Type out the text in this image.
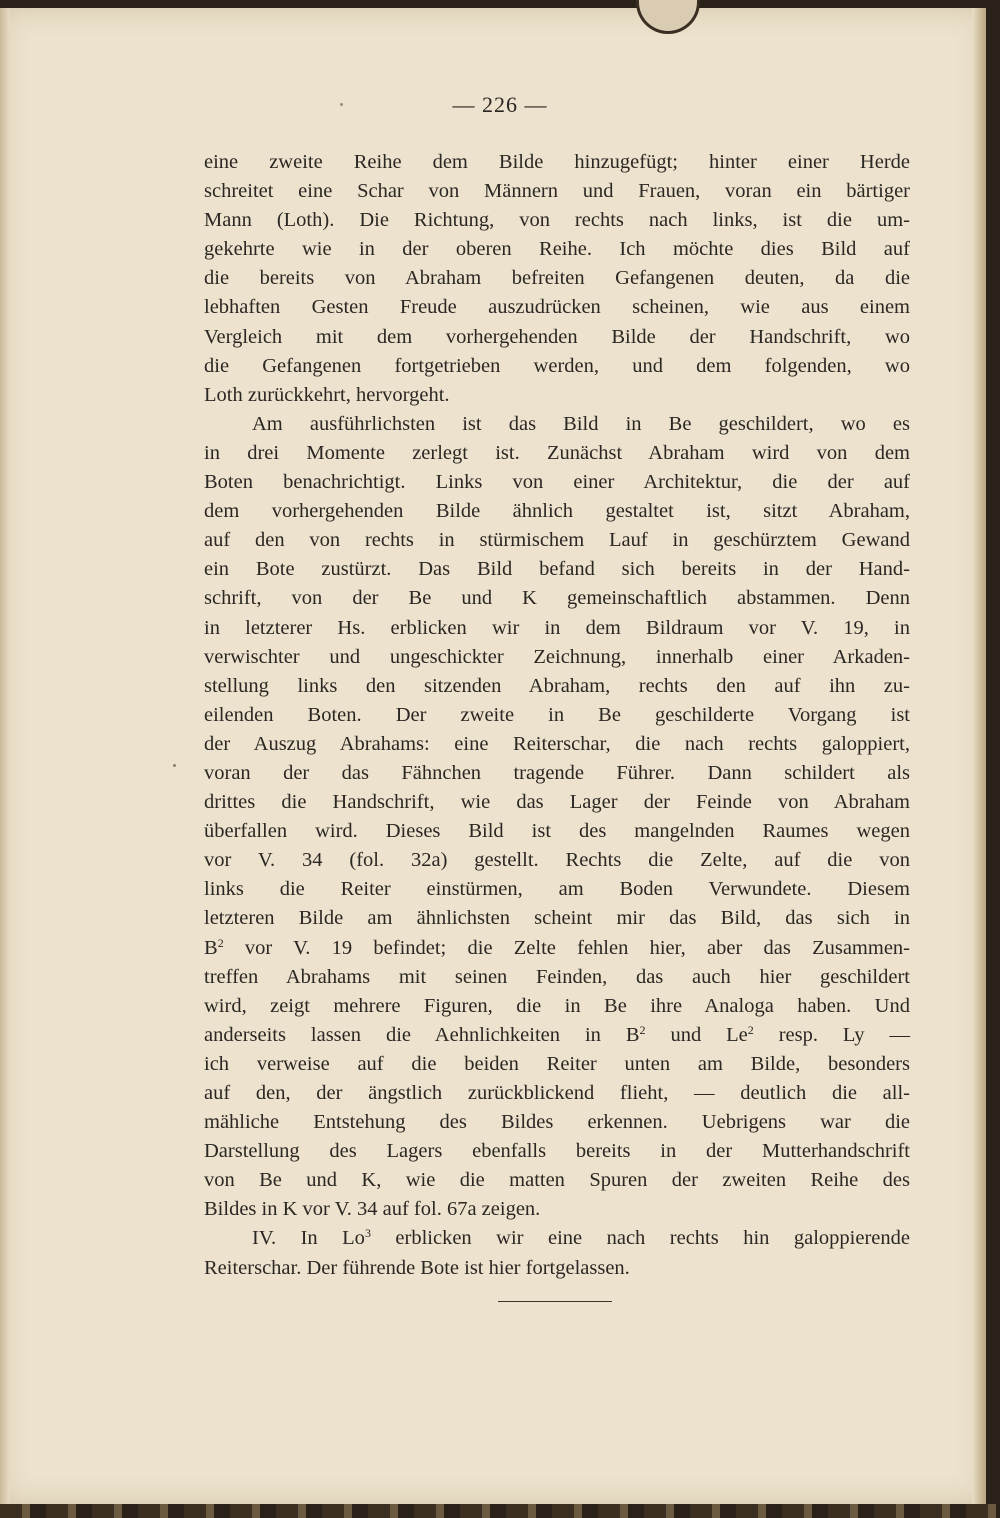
— 226 —
eine zweite Reihe dem Bilde hinzugefügt; hinter einer Herde
schreitet eine Schar von Männern und Frauen, voran ein bärtiger
Mann (Loth). Die Richtung, von rechts nach links, ist die um-
gekehrte wie in der oberen Reihe. Ich möchte dies Bild auf
die bereits von Abraham befreiten Gefangenen deuten, da die
lebhaften Gesten Freude auszudrücken scheinen, wie aus einem
Vergleich mit dem vorhergehenden Bilde der Handschrift, wo
die Gefangenen fortgetrieben werden, und dem folgenden, wo
Loth zurückkehrt, hervorgeht.
Am ausführlichsten ist das Bild in Be geschildert, wo es
in drei Momente zerlegt ist. Zunächst Abraham wird von dem
Boten benachrichtigt. Links von einer Architektur, die der auf
dem vorhergehenden Bilde ähnlich gestaltet ist, sitzt Abraham,
auf den von rechts in stürmischem Lauf in geschürztem Gewand
ein Bote zustürzt. Das Bild befand sich bereits in der Hand-
schrift, von der Be und K gemeinschaftlich abstammen. Denn
in letzterer Hs. erblicken wir in dem Bildraum vor V. 19, in
verwischter und ungeschickter Zeichnung, innerhalb einer Arkaden-
stellung links den sitzenden Abraham, rechts den auf ihn zu-
eilenden Boten. Der zweite in Be geschilderte Vorgang ist
der Auszug Abrahams: eine Reiterschar, die nach rechts galoppiert,
voran der das Fähnchen tragende Führer. Dann schildert als
drittes die Handschrift, wie das Lager der Feinde von Abraham
überfallen wird. Dieses Bild ist des mangelnden Raumes wegen
vor V. 34 (fol. 32a) gestellt. Rechts die Zelte, auf die von
links die Reiter einstürmen, am Boden Verwundete. Diesem
letzteren Bilde am ähnlichsten scheint mir das Bild, das sich in
$B^2$ vor V. 19 befindet; die Zelte fehlen hier, aber das Zusammen-
treffen Abrahams mit seinen Feinden, das auch hier geschildert
wird, zeigt mehrere Figuren, die in Be ihre Analoga haben. Und
anderseits lassen die Aehnlichkeiten in $B^2$ und Le$^2$ resp. Ly —
ich verweise auf die beiden Reiter unten am Bilde, besonders
auf den, der ängstlich zurückblickend flieht, — deutlich die all-
mähliche Entstehung des Bildes erkennen. Uebrigens war die
Darstellung des Lagers ebenfalls bereits in der Mutterhandschrift
von Be und K, wie die matten Spuren der zweiten Reihe des
Bildes in K vor V. 34 auf fol. 67a zeigen.
IV. In Lo$^3$ erblicken wir eine nach rechts hin galoppierende
Reiterschar. Der führende Bote ist hier fortgelassen.
